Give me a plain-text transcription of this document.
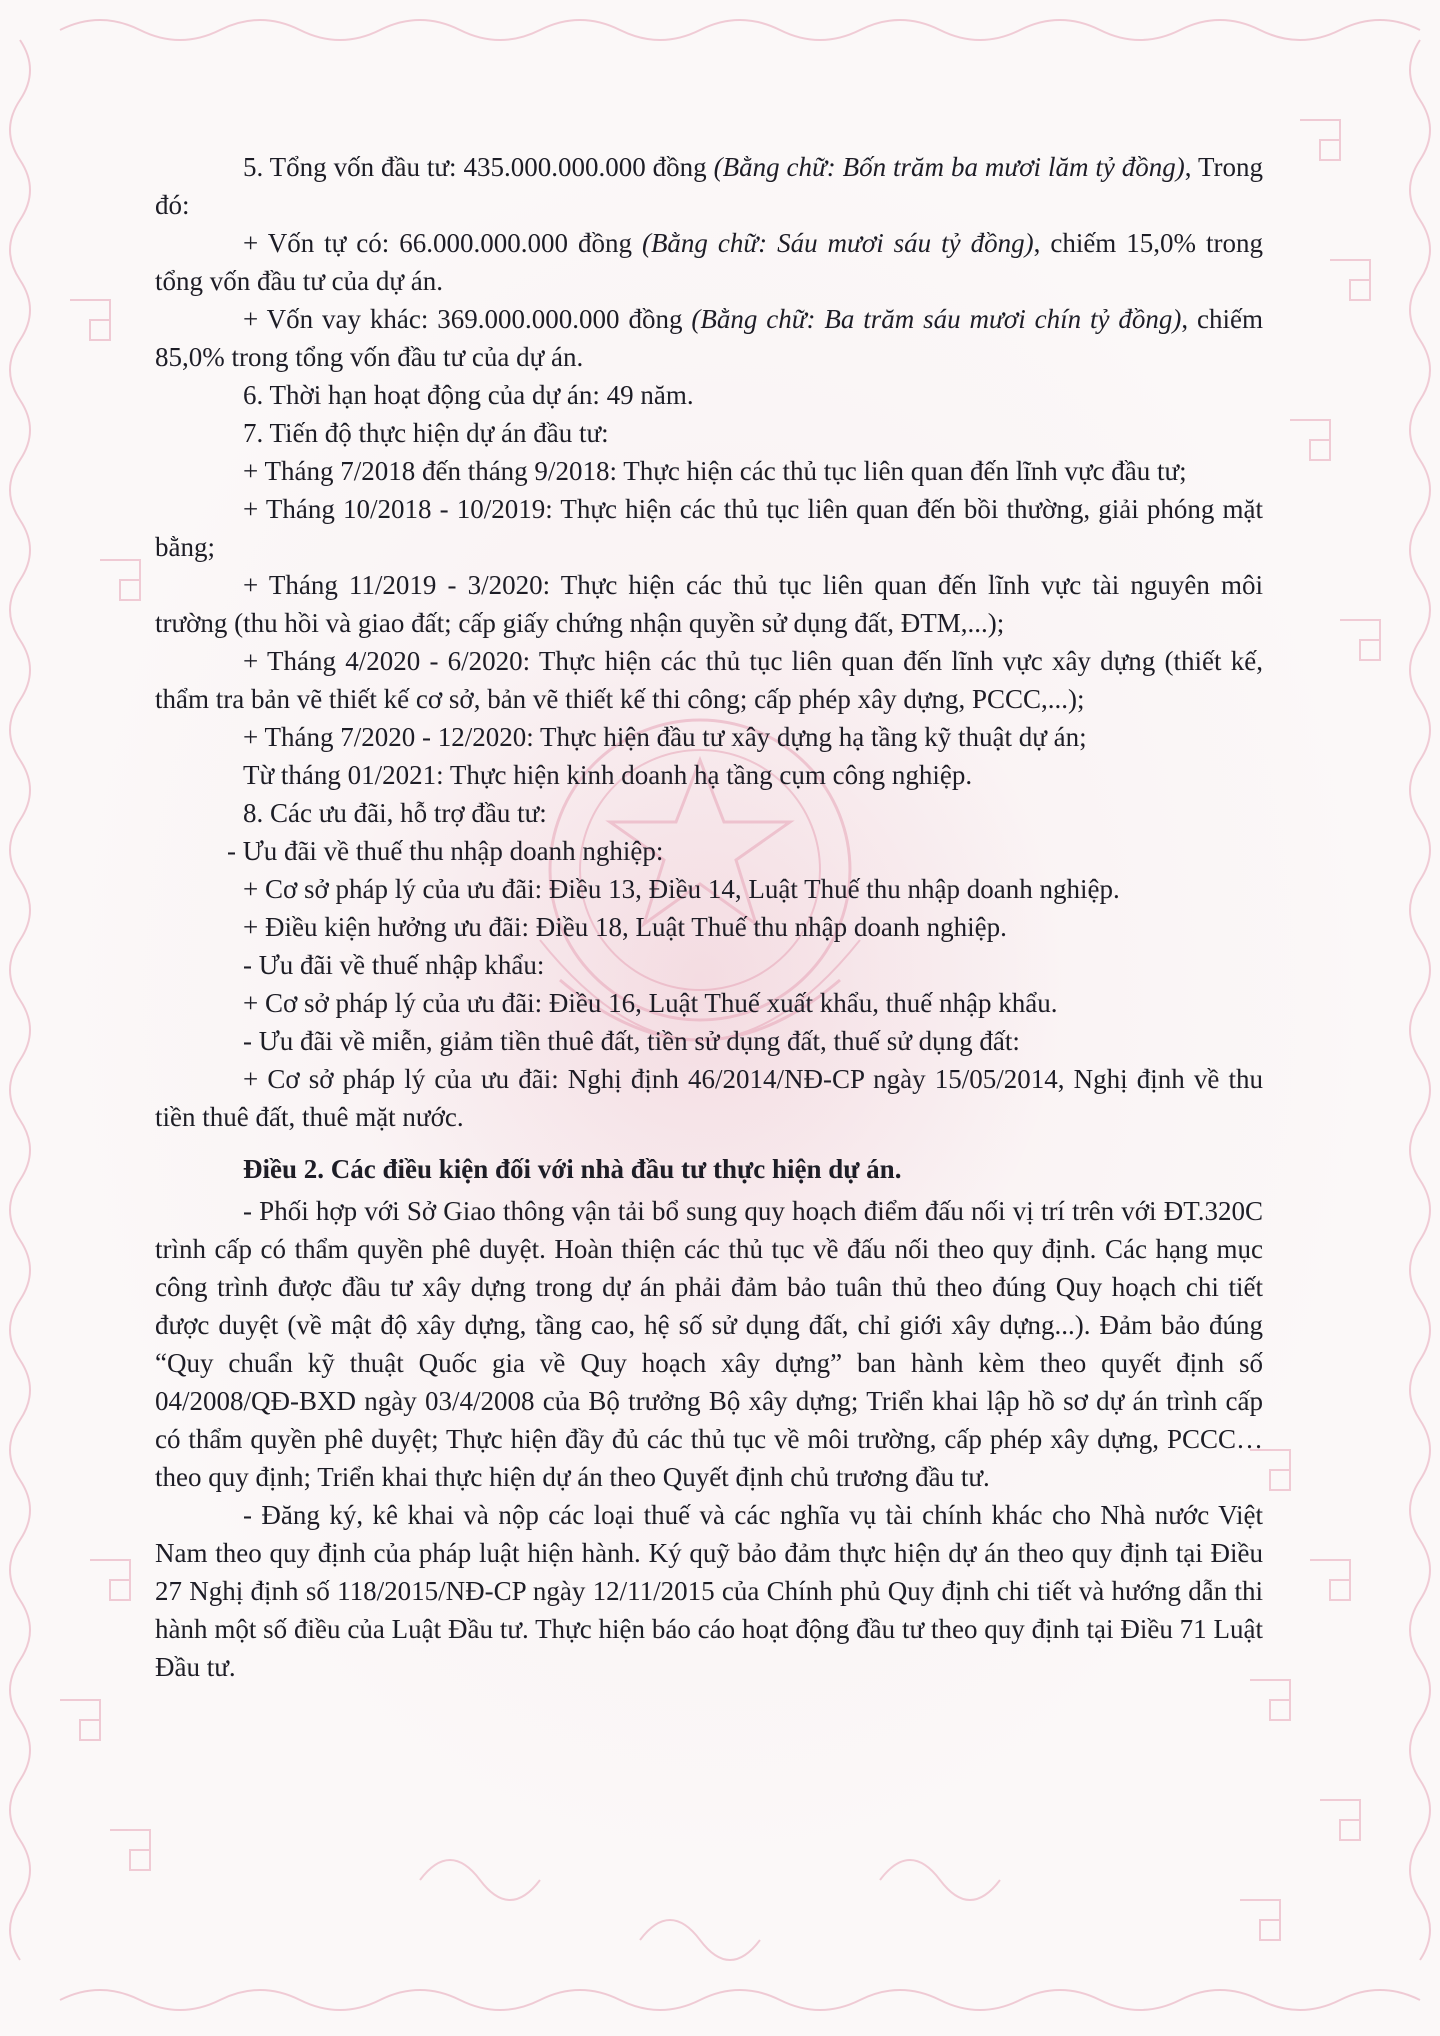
5. Tổng vốn đầu tư: 435.000.000.000 đồng (Bằng chữ: Bốn trăm ba mươi lăm tỷ đồng), Trong đó:

+ Vốn tự có: 66.000.000.000 đồng (Bằng chữ: Sáu mươi sáu tỷ đồng), chiếm 15,0% trong tổng vốn đầu tư của dự án.

+ Vốn vay khác: 369.000.000.000 đồng (Bằng chữ: Ba trăm sáu mươi chín tỷ đồng), chiếm 85,0% trong tổng vốn đầu tư của dự án.

6. Thời hạn hoạt động của dự án: 49 năm.

7. Tiến độ thực hiện dự án đầu tư:

+ Tháng 7/2018 đến tháng 9/2018: Thực hiện các thủ tục liên quan đến lĩnh vực đầu tư;

+ Tháng 10/2018 - 10/2019: Thực hiện các thủ tục liên quan đến bồi thường, giải phóng mặt bằng;

+ Tháng 11/2019 - 3/2020: Thực hiện các thủ tục liên quan đến lĩnh vực tài nguyên môi trường (thu hồi và giao đất; cấp giấy chứng nhận quyền sử dụng đất, ĐTM,...);

+ Tháng 4/2020 - 6/2020: Thực hiện các thủ tục liên quan đến lĩnh vực xây dựng (thiết kế, thẩm tra bản vẽ thiết kế cơ sở, bản vẽ thiết kế thi công; cấp phép xây dựng, PCCC,...);

+ Tháng 7/2020 - 12/2020: Thực hiện đầu tư xây dựng hạ tầng kỹ thuật dự án;

Từ tháng 01/2021: Thực hiện kinh doanh hạ tầng cụm công nghiệp.

8. Các ưu đãi, hỗ trợ đầu tư:

- Ưu đãi về thuế thu nhập doanh nghiệp:

+ Cơ sở pháp lý của ưu đãi: Điều 13, Điều 14, Luật Thuế thu nhập doanh nghiệp.

+ Điều kiện hưởng ưu đãi: Điều 18, Luật Thuế thu nhập doanh nghiệp.

- Ưu đãi về thuế nhập khẩu:

+ Cơ sở pháp lý của ưu đãi: Điều 16, Luật Thuế xuất khẩu, thuế nhập khẩu.

- Ưu đãi về miễn, giảm tiền thuê đất, tiền sử dụng đất, thuế sử dụng đất:

+ Cơ sở pháp lý của ưu đãi: Nghị định 46/2014/NĐ-CP ngày 15/05/2014, Nghị định về thu tiền thuê đất, thuê mặt nước.

Điều 2. Các điều kiện đối với nhà đầu tư thực hiện dự án.

- Phối hợp với Sở Giao thông vận tải bổ sung quy hoạch điểm đấu nối vị trí trên với ĐT.320C trình cấp có thẩm quyền phê duyệt. Hoàn thiện các thủ tục về đấu nối theo quy định. Các hạng mục công trình được đầu tư xây dựng trong dự án phải đảm bảo tuân thủ theo đúng Quy hoạch chi tiết được duyệt (về mật độ xây dựng, tầng cao, hệ số sử dụng đất, chỉ giới xây dựng...). Đảm bảo đúng “Quy chuẩn kỹ thuật Quốc gia về Quy hoạch xây dựng” ban hành kèm theo quyết định số 04/2008/QĐ-BXD ngày 03/4/2008 của Bộ trưởng Bộ xây dựng; Triển khai lập hồ sơ dự án trình cấp có thẩm quyền phê duyệt; Thực hiện đầy đủ các thủ tục về môi trường, cấp phép xây dựng, PCCC… theo quy định; Triển khai thực hiện dự án theo Quyết định chủ trương đầu tư.

- Đăng ký, kê khai và nộp các loại thuế và các nghĩa vụ tài chính khác cho Nhà nước Việt Nam theo quy định của pháp luật hiện hành. Ký quỹ bảo đảm thực hiện dự án theo quy định tại Điều 27 Nghị định số 118/2015/NĐ-CP ngày 12/11/2015 của Chính phủ Quy định chi tiết và hướng dẫn thi hành một số điều của Luật Đầu tư. Thực hiện báo cáo hoạt động đầu tư theo quy định tại Điều 71 Luật Đầu tư.
